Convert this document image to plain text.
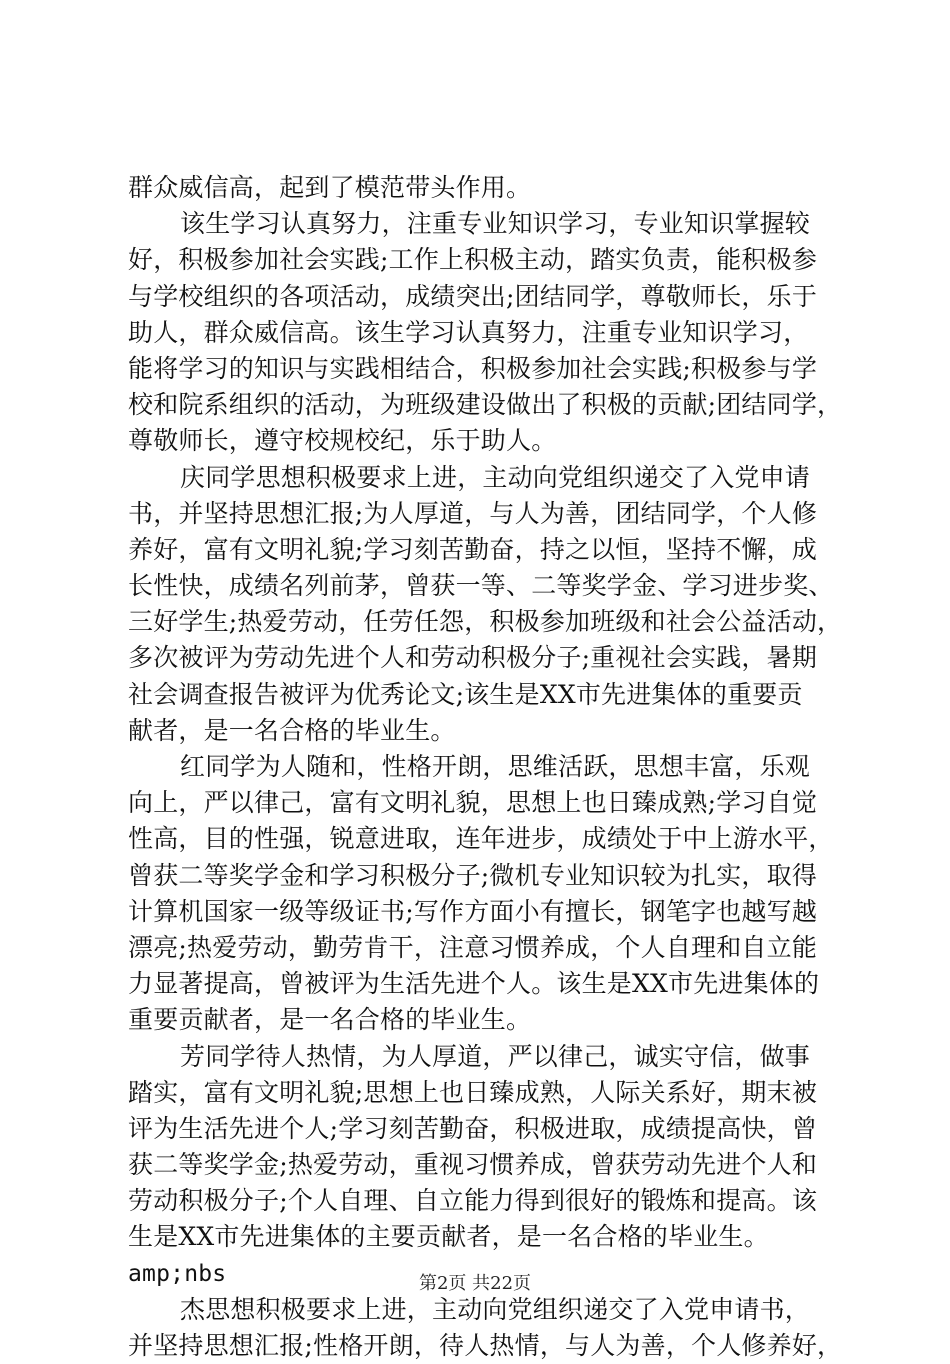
群众威信高，起到了模范带头作用。
该生学习认真努力，注重专业知识学习，专业知识掌握较
好，积极参加社会实践;工作上积极主动，踏实负责，能积极参
与学校组织的各项活动，成绩突出;团结同学，尊敬师长，乐于
助人，群众威信高。该生学习认真努力，注重专业知识学习，
能将学习的知识与实践相结合，积极参加社会实践;积极参与学
校和院系组织的活动，为班级建设做出了积极的贡献;团结同学，
尊敬师长，遵守校规校纪，乐于助人。
庆同学思想积极要求上进，主动向党组织递交了入党申请
书，并坚持思想汇报;为人厚道，与人为善，团结同学，个人修
养好，富有文明礼貌;学习刻苦勤奋，持之以恒，坚持不懈，成
长性快，成绩名列前茅，曾获一等、二等奖学金、学习进步奖、
三好学生;热爱劳动，任劳任怨，积极参加班级和社会公益活动，
多次被评为劳动先进个人和劳动积极分子;重视社会实践，暑期
社会调查报告被评为优秀论文;该生是XX市先进集体的重要贡
献者，是一名合格的毕业生。
红同学为人随和，性格开朗，思维活跃，思想丰富，乐观
向上，严以律己，富有文明礼貌，思想上也日臻成熟;学习自觉
性高，目的性强，锐意进取，连年进步，成绩处于中上游水平，
曾获二等奖学金和学习积极分子;微机专业知识较为扎实，取得
计算机国家一级等级证书;写作方面小有擅长，钢笔字也越写越
漂亮;热爱劳动，勤劳肯干，注意习惯养成，个人自理和自立能
力显著提高，曾被评为生活先进个人。该生是XX市先进集体的
重要贡献者，是一名合格的毕业生。
芳同学待人热情，为人厚道，严以律己，诚实守信，做事
踏实，富有文明礼貌;思想上也日臻成熟，人际关系好，期末被
评为生活先进个人;学习刻苦勤奋，积极进取，成绩提高快，曾
获二等奖学金;热爱劳动，重视习惯养成，曾获劳动先进个人和
劳动积极分子;个人自理、自立能力得到很好的锻炼和提高。该
生是XX市先进集体的主要贡献者，是一名合格的毕业生。
amp;nbs
杰思想积极要求上进，主动向党组织递交了入党申请书，
并坚持思想汇报;性格开朗，待人热情，与人为善，个人修养好，
第2页 共22页
